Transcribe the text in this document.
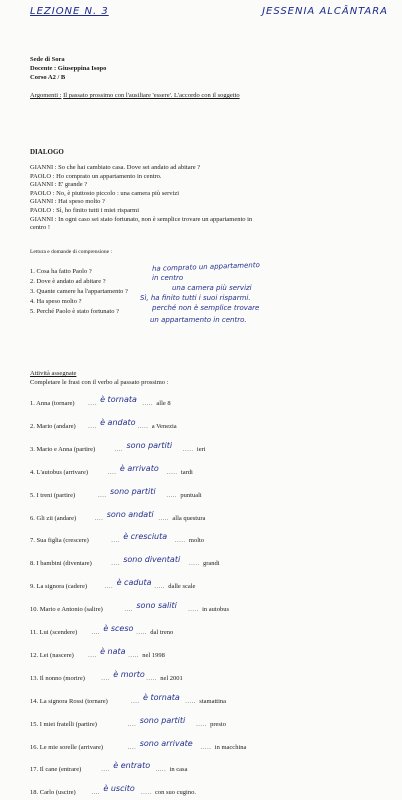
LEZIONE N. 3	JESSENIA ALCÂNTARA
Sede di Sora
Docente : Giuseppina Isopo
Corso A2 / B
Argomenti : Il passato prossimo con l'ausiliare 'essere'. L'accordo con il soggetto
DIALOGO
GIANNI : So che hai cambiato casa. Dove sei andato ad abitare ?
PAOLO : Ho comprato un appartamento in centro.
GIANNI : E' grande ?
PAOLO : No, è piuttosto piccolo : una camera più servizi
GIANNI : Hai speso molto ?
PAOLO : Sì, ho finito tutti i miei risparmi
GIANNI : In ogni caso sei stato fortunato, non è semplice trovare un appartamento in
centro !
Lettura e domande di comprensione :
1. Cosa ha fatto Paolo ?	ha comprato un appartamento
2. Dove è andato ad abitare ?	in centro
3. Quante camere ha l'appartamento ?	una camera più servizi
4. Ha speso molto ?	Sì, ha finito tutti i suoi risparmi.
5. Perché Paolo è stato fortunato ?	perché non è semplice trovare
un appartamento in centro.
Attività assegnate
Completare le frasi con il verbo al passato prossimo :
1. Anna (tornare) .... è tornata ..... alle 8
2. Mario (andare) .... è andato ..... a Venezia
3. Mario e Anna (partire)	.... sono partiti ..... ieri
4. L'autobus (arrivare)	.... è arrivato ..... tardi
5. I treni (partire)	.... sono partiti ..... puntuali
6. Gli zii (andare)	.... sono andati ..... alla questura
7. Sua figlia (crescere)	.... è cresciuta ..... molto
8. I bambini (diventare)	.... sono diventati ..... grandi
9. La signora (cadere)	.... è caduta ..... dalle scale
10. Mario e Antonio (salire)	.... sono saliti ..... in autobus
11. Lui (scendere) .... è sceso ..... dal treno
12. Lei (nascere) .... è nata ..... nel 1998
13. Il nonno (morire)	.... è morto ..... nel 2001
14. La signora Rossi (tornare)	.... è tornata ..... stamattina
15. I miei fratelli (partire)	.... sono partiti ..... presto
16. Le mie sorelle (arrivare)	.... sono arrivate ..... in macchina
17. Il cane (entrare)	.... è entrato ..... in casa
18. Carlo (uscire) .... è uscito ..... con suo cugino.
